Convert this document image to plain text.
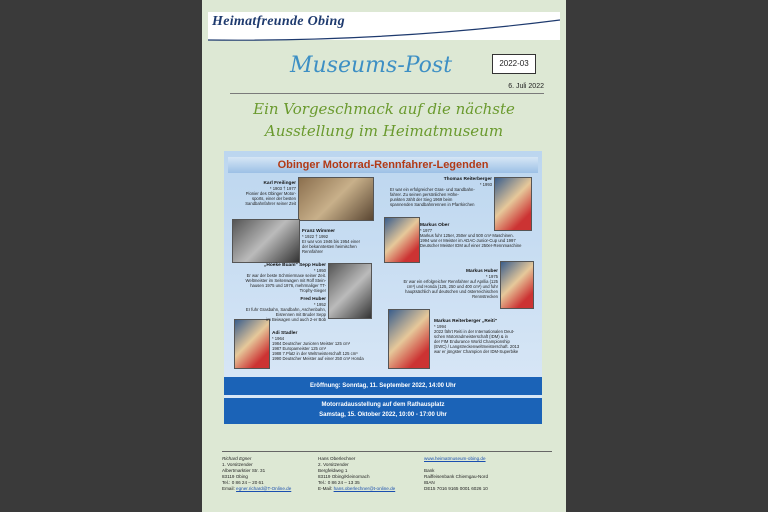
Heimatfreunde Obing
Museums-Post	2022-03
6. Juli 2022
Ein Vorgeschmack auf die nächste
Ausstellung im Heimatmuseum
Obinger Motorrad-Rennfahrer-Legenden
Karl Freilinger
* 1903 † 1977
Pionier des Obinger Motor-
sports, einer der besten
Sandbahnfahrer seiner Zeit
Thomas Reiterberger
* 1993
Er war ein erfolgreicher Gras- und Sandbahn-
fahrer. Zu seinen persönlichen Höhe-
punkten zählt der Sieg 1969 beim
spannenden Sandbahnrennen in Pfarrkirchen
Franz Wimmer
* 1922 † 1992
Er war von 1946 bis 1954 einer
der bekanntesten heimischen
Rennfahrer
Markus Ober
* 1977
Markus fuhr 125er, 250er und 500 cm³ Maschinen.
1994 war er Meister im ADAC-Junior-Cup und 1997
Deutscher Meister IDM auf einer 250er-Rennmaschine
„Hoeke Buam" Sepp Huber
* 1950
Er war der beste Schmiermaxe seiner Zeit.
Weltmeister im Seitenwagen mit Rolf Stein-
hausen 1975 und 1976, mehrmaliger TT-
Trophy-Sieger
Fred Huber
* 1952
Er fuhr Grasbahn, Sandbahn, Aschenbahn,
Eisrennen mit Bruder Sepp
im Beiwagen und auch 2-er Bob
Markus Huber
* 1975
Er war ein erfolgreicher Rennfahrer auf Aprilia (125
cm³) und Honda (125, 250 und 400 cm³) und fuhr
hauptsächlich auf deutschen und österreichischen
Rennstrecken
Adi Stadler
* 1964
1984 Deutscher Junioren Meister 125 cm³
1987 Europameister 125 cm³
1988 7.Platz in der Weltmeisterschaft 125 cm³
1990 Deutscher Meister auf einer 250 cm³ Honda
Markus Reiterberger „Reiti"
* 1994
2022 fährt Reiti in der Internationalen Deut-
schen Motorradmeisterschaft (IDM) & in
der FIM Endurance World Championship
(EWC) / Langstreckenweltmeisterschaft. 2013
war er jüngster Champion der IDM-Superbike
Eröffnung: Sonntag, 11. September 2022, 14:00 Uhr
Motorradausstellung auf dem Rathausplatz
Samstag, 15. Oktober 2022, 10:00 - 17:00 Uhr
Richard Egner
1. Vorsitzender
Albertmarktier Str. 31
83119 Obing
Tel.: 0 86 24 – 20 61
Email: egner.richard@T-Online.de
Hans Oberlechner
2. Vorsitzender
Bergfeldweg 1
83119 Obing/Kleinornach
Tel.: 0 86 24 – 13 35
E-Mail: hans.oberlechner@t-online.de
www.heimatmuseum-obing.de
Bank
Raiffeisenbank Chiemgau-Nord
IBAN
DE15 7016 9165 0001 6026 10
